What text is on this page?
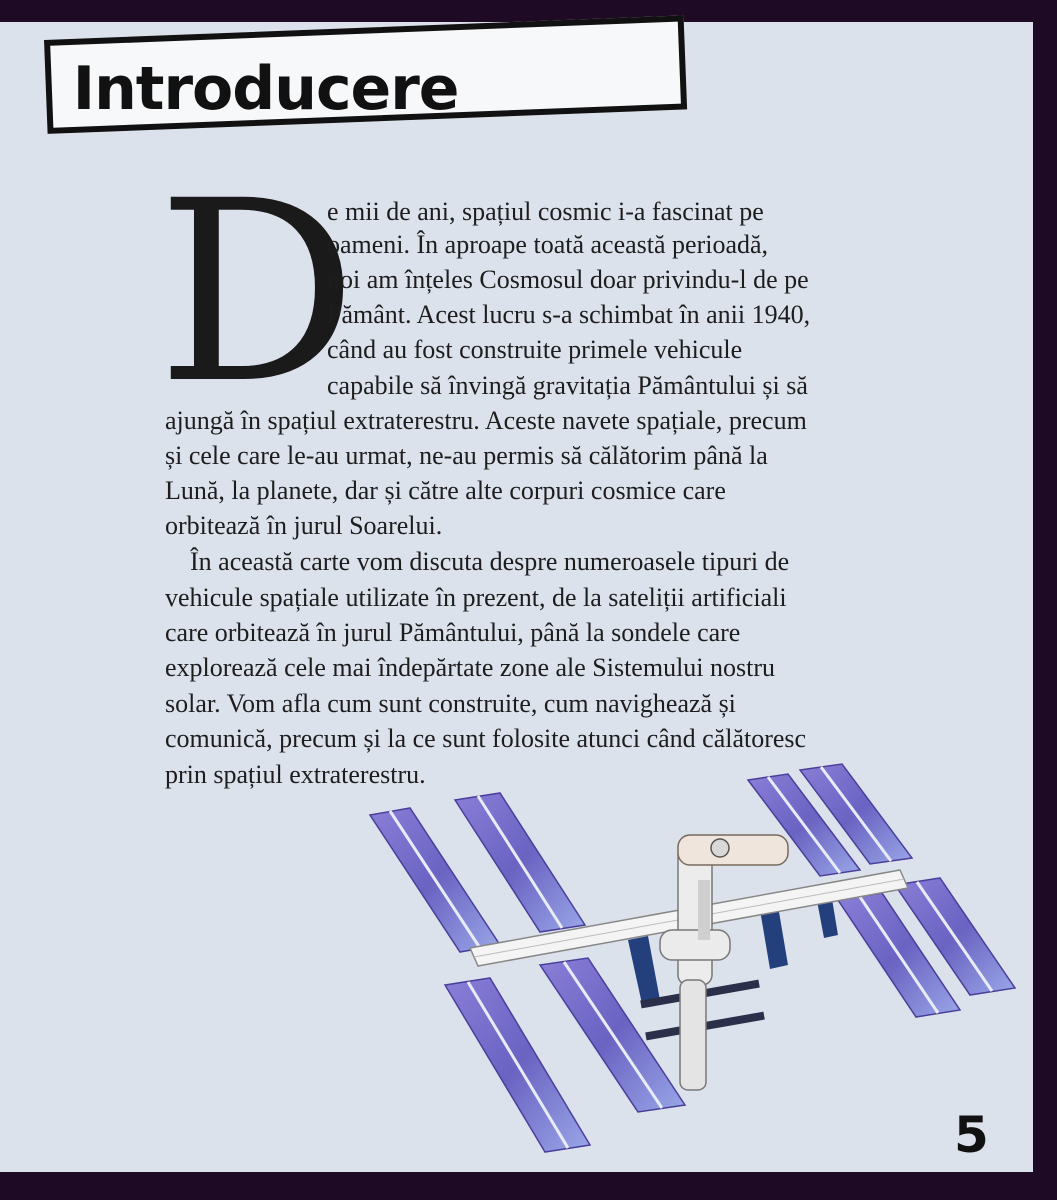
Introducere
D
e mii de ani, spațiul cosmic i-a fascinat pe
oameni. În aproape toată această perioadă,
noi am înțeles Cosmosul doar privindu-l de pe
Pământ. Acest lucru s-a schimbat în anii 1940,
când au fost construite primele vehicule
capabile să învingă gravitația Pământului și să
ajungă în spațiul extraterestru. Aceste navete spațiale, precum
și cele care le-au urmat, ne-au permis să călătorim până la
Lună, la planete, dar și către alte corpuri cosmice care
orbitează în jurul Soarelui.
În această carte vom discuta despre numeroasele tipuri de
vehicule spațiale utilizate în prezent, de la sateliții artificiali
care orbitează în jurul Pământului, până la sondele care
explorează cele mai îndepărtate zone ale Sistemului nostru
solar. Vom afla cum sunt construite, cum navighează și
comunică, precum și la ce sunt folosite atunci când călătoresc
prin spațiul extraterestru.
5
